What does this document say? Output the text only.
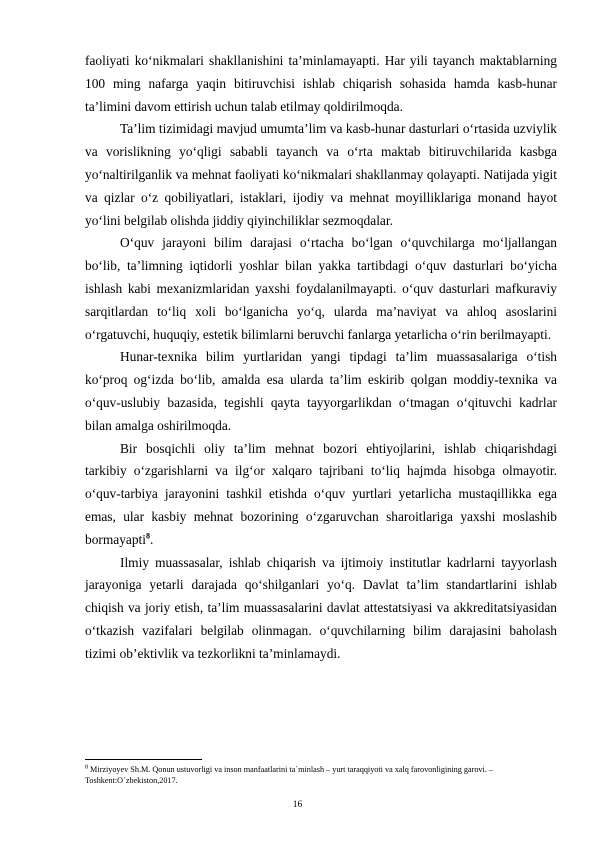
faoliyati ko‘nikmalari shakllanishini ta’minlamayapti. Har yili tayanch maktablarning 100 ming nafarga yaqin bitiruvchisi ishlab chiqarish sohasida hamda kasb-hunar ta’limini davom ettirish uchun talab etilmay qoldirilmoqda.

Ta’lim tizimidagi mavjud umumta’lim va kasb-hunar dasturlari o‘rtasida uzviylik va vorislikning yo‘qligi sababli tayanch va o‘rta maktab bitiruvchilarida kasbga yo‘naltirilganlik va mehnat faoliyati ko‘nikmalari shakllanmay qolayapti. Natijada yigit va qizlar o‘z qobiliyatlari, istaklari, ijodiy va mehnat moyilliklariga monand hayot yo‘lini belgilab olishda jiddiy qiyinchiliklar sezmoqdalar.

O‘quv jarayoni bilim darajasi o‘rtacha bo‘lgan o‘quvchilarga mo‘ljallangan bo‘lib, ta’limning iqtidorli yoshlar bilan yakka tartibdagi o‘quv dasturlari bo‘yicha ishlash kabi mexanizmlaridan yaxshi foydalanilmayapti. o‘quv dasturlari mafkuraviy sarqitlardan to‘liq xoli bo‘lganicha yo‘q, ularda ma’naviyat va ahloq asoslarini o‘rgatuvchi, huquqiy, estetik bilimlarni beruvchi fanlarga yetarlicha o‘rin berilmayapti.

Hunar-texnika bilim yurtlaridan yangi tipdagi ta’lim muassasalariga o‘tish ko‘proq og‘izda bo‘lib, amalda esa ularda ta’lim eskirib qolgan moddiy-texnika va o‘quv-uslubiy bazasida, tegishli qayta tayyorgarlikdan o‘tmagan o‘qituvchi kadrlar bilan amalga oshirilmoqda.

Bir bosqichli oliy ta’lim mehnat bozori ehtiyojlarini, ishlab chiqarishdagi tarkibiy o‘zgarishlarni va ilg‘or xalqaro tajribani to‘liq hajmda hisobga olmayotir. o‘quv-tarbiya jarayonini tashkil etishda o‘quv yurtlari yetarlicha mustaqillikka ega emas, ular kasbiy mehnat bozorining o‘zgaruvchan sharoitlariga yaxshi moslashib bormayapti$^8$.

Ilmiy muassasalar, ishlab chiqarish va ijtimoiy institutlar kadrlarni tayyorlash jarayoniga yetarli darajada qo‘shilganlari yo‘q. Davlat ta’lim standartlarini ishlab chiqish va joriy etish, ta’lim muassasalarini davlat attestatsiyasi va akkreditatsiyasidan o‘tkazish vazifalari belgilab olinmagan. o‘quvchilarning bilim darajasini baholash tizimi ob’ektivlik va tezkorlikni ta’minlamaydi.

$^8$ Mirziyoyev Sh.M. Qonun ustuvorligi va inson manfaatlarini ta`minlash – yurt taraqqiyoti va xalq farovonligining garovi. – Toshkent:O`zbekiston,2017.

16
